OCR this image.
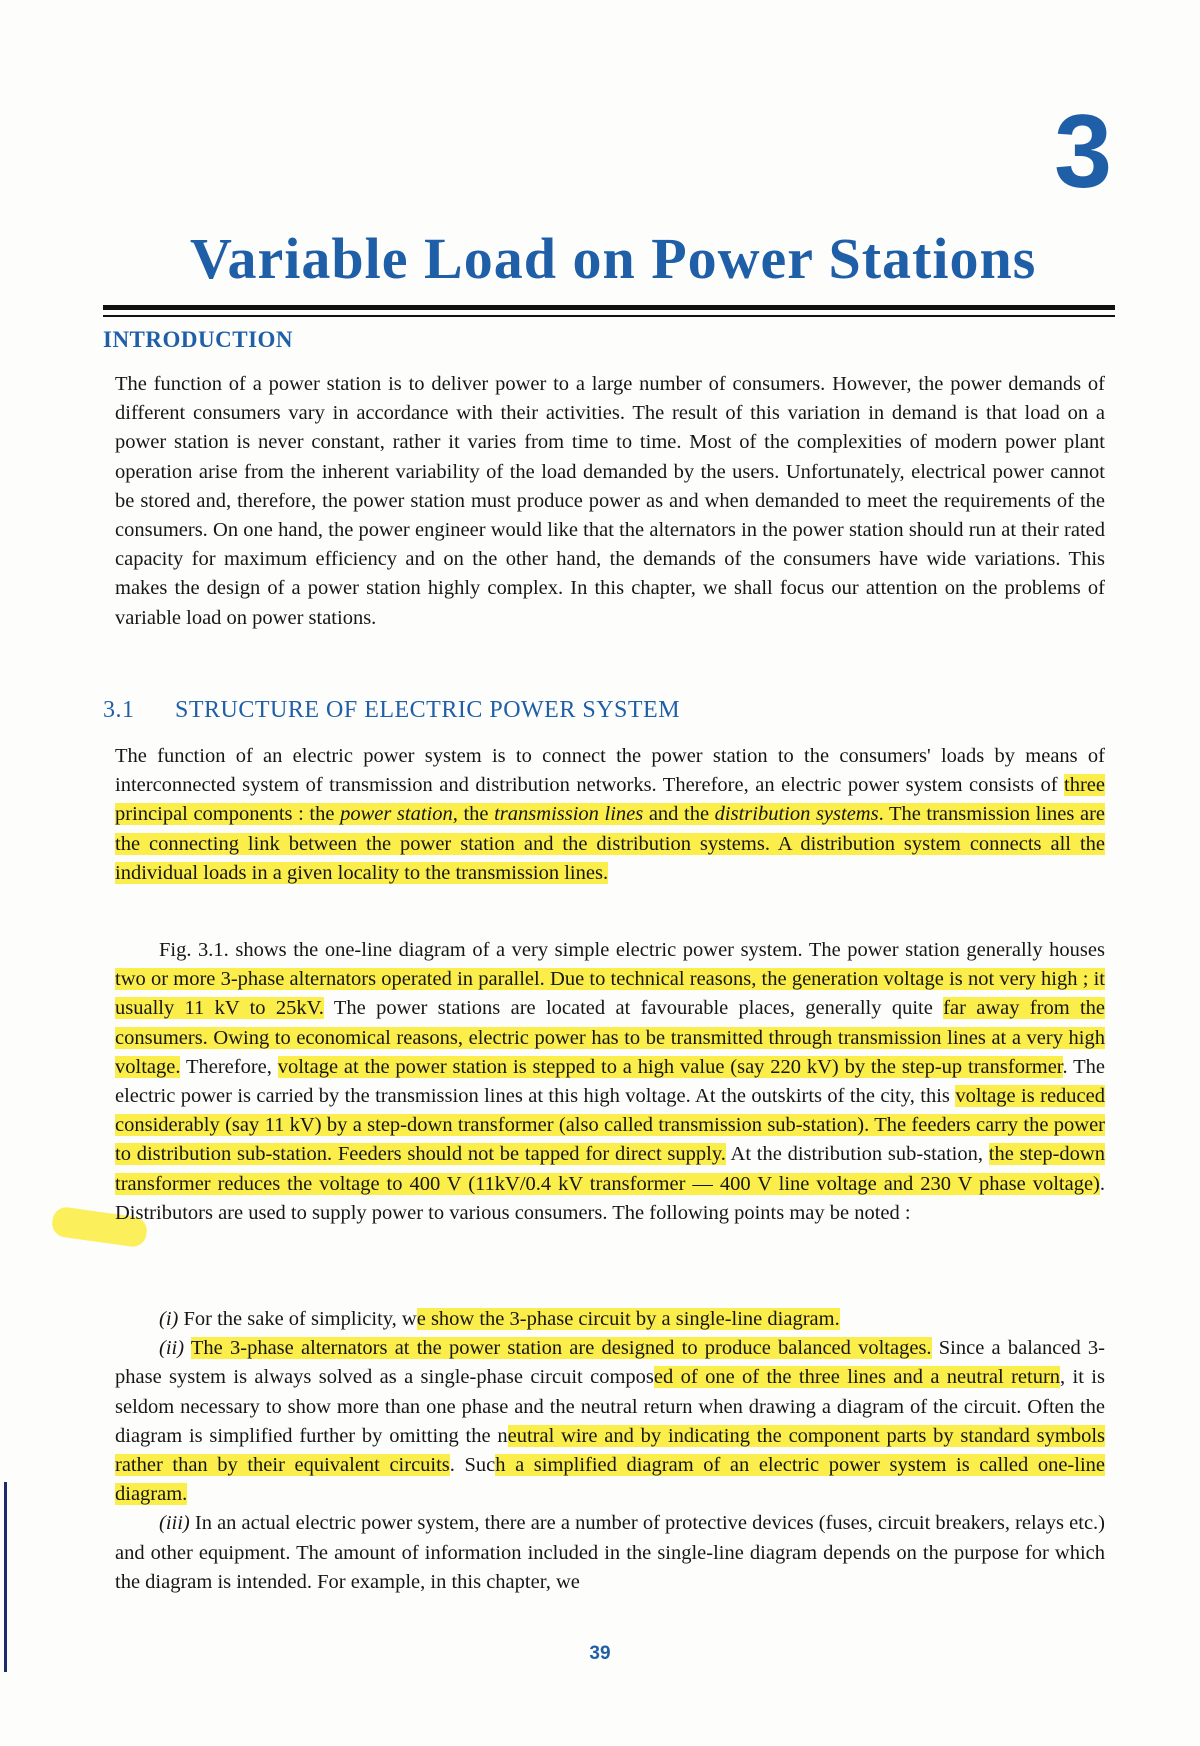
3
Variable Load on Power Stations
INTRODUCTION

The function of a power station is to deliver power to a large number of consumers. However, the power demands of different consumers vary in accordance with their activities. The result of this variation in demand is that load on a power station is never constant, rather it varies from time to time. Most of the complexities of modern power plant operation arise from the inherent variability of the load demanded by the users. Unfortunately, electrical power cannot be stored and, therefore, the power station must produce power as and when demanded to meet the requirements of the consumers. On one hand, the power engineer would like that the alternators in the power station should run at their rated capacity for maximum efficiency and on the other hand, the demands of the consumers have wide variations. This makes the design of a power station highly complex. In this chapter, we shall focus our attention on the problems of variable load on power stations.

3.1 STRUCTURE OF ELECTRIC POWER SYSTEM

The function of an electric power system is to connect the power station to the consumers' loads by means of interconnected system of transmission and distribution networks. Therefore, an electric power system consists of three principal components : the power station, the transmission lines and the distribution systems. The transmission lines are the connecting link between the power station and the distribution systems. A distribution system connects all the individual loads in a given locality to the transmission lines.

Fig. 3.1. shows the one-line diagram of a very simple electric power system. The power station generally houses two or more 3-phase alternators operated in parallel. Due to technical reasons, the generation voltage is not very high ; it usually 11 kV to 25kV. The power stations are located at favourable places, generally quite far away from the consumers. Owing to economical reasons, electric power has to be transmitted through transmission lines at a very high voltage. Therefore, voltage at the power station is stepped to a high value (say 220 kV) by the step-up transformer. The electric power is carried by the transmission lines at this high voltage. At the outskirts of the city, this voltage is reduced considerably (say 11 kV) by a step-down transformer (also called transmission sub-station). The feeders carry the power to distribution sub-station. Feeders should not be tapped for direct supply. At the distribution sub-station, the step-down transformer reduces the voltage to 400 V (11kV/0.4 kV transformer — 400 V line voltage and 230 V phase voltage). Distributors are used to supply power to various consumers. The following points may be noted :

(i) For the sake of simplicity, we show the 3-phase circuit by a single-line diagram.
(ii) The 3-phase alternators at the power station are designed to produce balanced voltages. Since a balanced 3-phase system is always solved as a single-phase circuit composed of one of the three lines and a neutral return, it is seldom necessary to show more than one phase and the neutral return when drawing a diagram of the circuit. Often the diagram is simplified further by omitting the neutral wire and by indicating the component parts by standard symbols rather than by their equivalent circuits. Such a simplified diagram of an electric power system is called one-line diagram.
(iii) In an actual electric power system, there are a number of protective devices (fuses, circuit breakers, relays etc.) and other equipment. The amount of information included in the single-line diagram depends on the purpose for which the diagram is intended. For example, in this chapter, we

39
